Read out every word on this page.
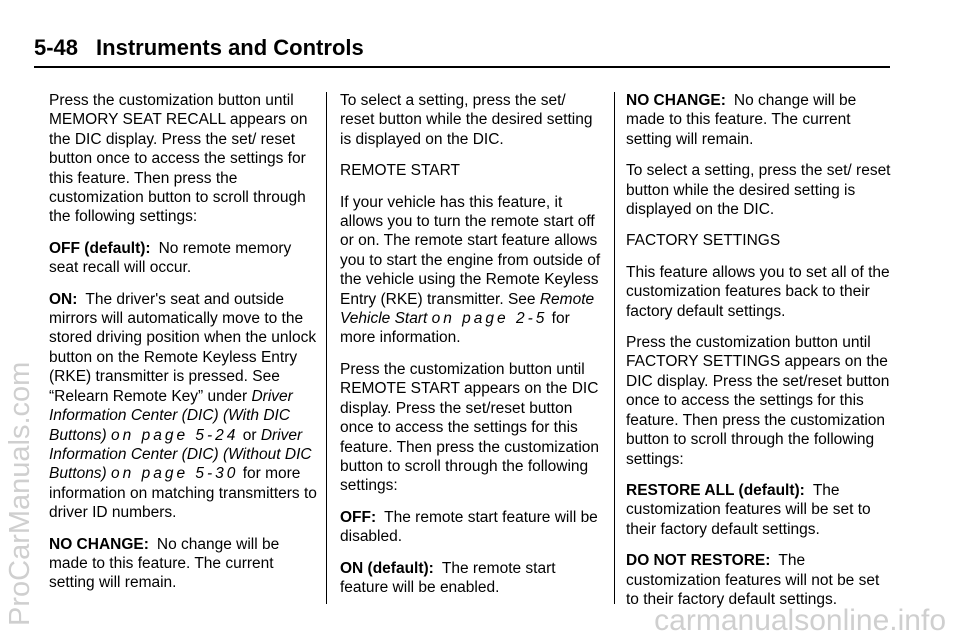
5-48 Instruments and Controls

Press the customization button until MEMORY SEAT RECALL appears on the DIC display. Press the set/ reset button once to access the settings for this feature. Then press the customization button to scroll through the following settings:

OFF (default): No remote memory seat recall will occur.

ON: The driver's seat and outside mirrors will automatically move to the stored driving position when the unlock button on the Remote Keyless Entry (RKE) transmitter is pressed. See “Relearn Remote Key” under Driver Information Center (DIC) (With DIC Buttons) on page 5-24 or Driver Information Center (DIC) (Without DIC Buttons) on page 5-30 for more information on matching transmitters to driver ID numbers.

NO CHANGE: No change will be made to this feature. The current setting will remain.

To select a setting, press the set/ reset button while the desired setting is displayed on the DIC.

REMOTE START

If your vehicle has this feature, it allows you to turn the remote start off or on. The remote start feature allows you to start the engine from outside of the vehicle using the Remote Keyless Entry (RKE) transmitter. See Remote Vehicle Start on page 2-5 for more information.

Press the customization button until REMOTE START appears on the DIC display. Press the set/reset button once to access the settings for this feature. Then press the customization button to scroll through the following settings:

OFF: The remote start feature will be disabled.

ON (default): The remote start feature will be enabled.

NO CHANGE: No change will be made to this feature. The current setting will remain.

To select a setting, press the set/ reset button while the desired setting is displayed on the DIC.

FACTORY SETTINGS

This feature allows you to set all of the customization features back to their factory default settings.

Press the customization button until FACTORY SETTINGS appears on the DIC display. Press the set/reset button once to access the settings for this feature. Then press the customization button to scroll through the following settings:

RESTORE ALL (default): The customization features will be set to their factory default settings.

DO NOT RESTORE: The customization features will not be set to their factory default settings.

ProCarManuals.com	carmanualsonline.info
